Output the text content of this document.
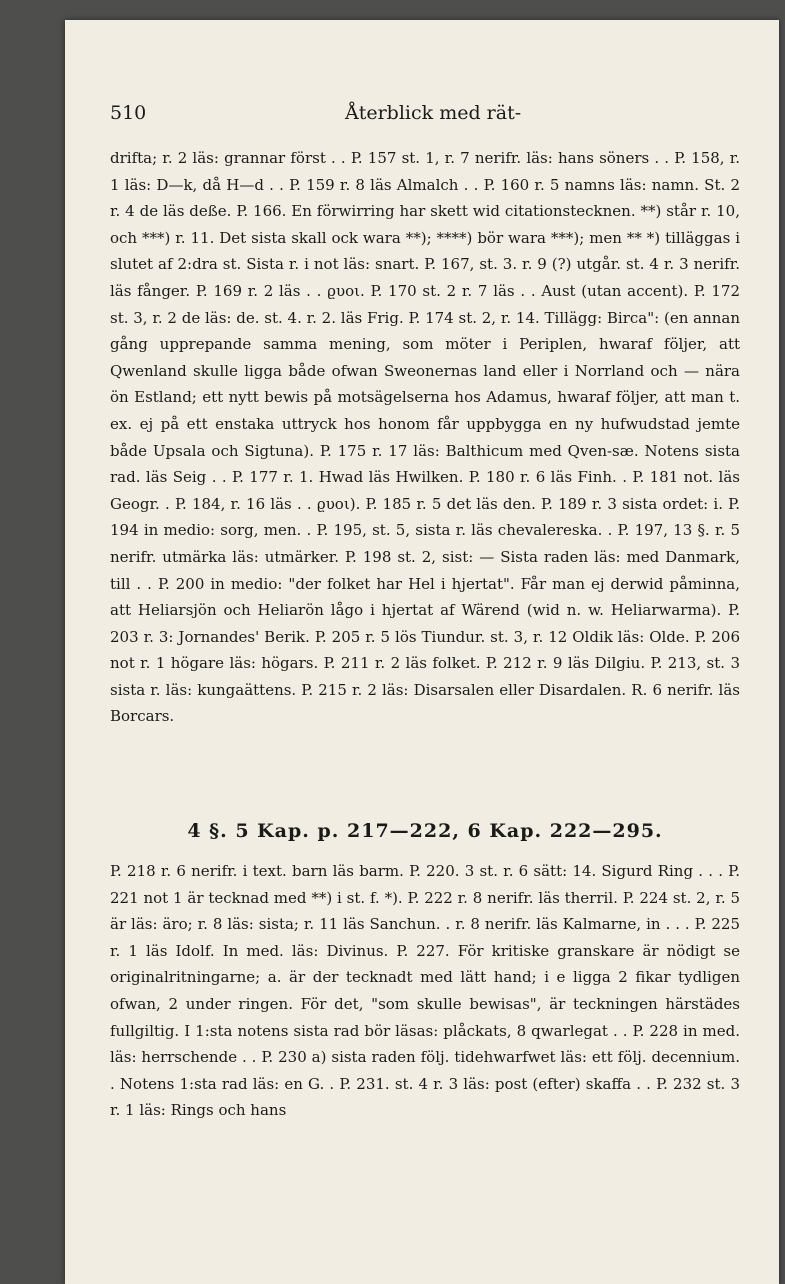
510	Återblick med rät-

drifta; r. 2 läs: grannar först . . P. 157 st. 1, r. 7 nerifr. läs: hans söners . . P. 158, r. 1 läs: D—k, då H—d . . P. 159 r. 8 läs Almalch . . P. 160 r. 5 namns läs: namn. St. 2 r. 4 de läs deße. P. 166. En förwirring har skett wid citationstecknen. **) står r. 10, och ***) r. 11. Det sista skall ock wara **); ****) bör wara ***); men ** *) tilläggas i slutet af 2:dra st. Sista r. i not läs: snart. P. 167, st. 3. r. 9 (?) utgår. st. 4 r. 3 nerifr. läs fånger. P. 169 r. 2 läs . . ϱυοι. P. 170 st. 2 r. 7 läs . . Aust (utan accent). P. 172 st. 3, r. 2 de läs: de. st. 4. r. 2. läs Frig. P. 174 st. 2, r. 14. Tillägg: Birca": (en annan gång upprepande samma mening, som möter i Periplen, hwaraf följer, att Qwenland skulle ligga både ofwan Sweonernas land eller i Norrland och — nära ön Estland; ett nytt bewis på motsägelserna hos Adamus, hwaraf följer, att man t. ex. ej på ett enstaka uttryck hos honom får uppbygga en ny hufwudstad jemte både Upsala och Sigtuna). P. 175 r. 17 läs: Balthicum med Qven-sæ. Notens sista rad. läs Seig . . P. 177 r. 1. Hwad läs Hwilken. P. 180 r. 6 läs Finh. . P. 181 not. läs Geogr. . P. 184, r. 16 läs . . ϱυοι). P. 185 r. 5 det läs den. P. 189 r. 3 sista ordet: i. P. 194 in medio: sorg, men. . P. 195, st. 5, sista r. läs chevalereska. . P. 197, 13 §. r. 5 nerifr. utmärka läs: utmärker. P. 198 st. 2, sist: — Sista raden läs: med Danmark, till . . P. 200 in medio: "der folket har Hel i hjertat". Får man ej derwid påminna, att Heliarsjön och Heliarön lågo i hjertat af Wärend (wid n. w. Heliarwarma). P. 203 r. 3: Jornandes' Berik. P. 205 r. 5 lös Tiundur. st. 3, r. 12 Oldik läs: Olde. P. 206 not r. 1 högare läs: högars. P. 211 r. 2 läs folket. P. 212 r. 9 läs Dilgiu. P. 213, st. 3 sista r. läs: kungaättens. P. 215 r. 2 läs: Disarsalen eller Disardalen. R. 6 nerifr. läs Borcars.

4 §. 5 Kap. p. 217—222, 6 Kap. 222—295.

P. 218 r. 6 nerifr. i text. barn läs barm. P. 220. 3 st. r. 6 sätt: 14. Sigurd Ring . . . P. 221 not 1 är tecknad med **) i st. f. *). P. 222 r. 8 nerifr. läs therril. P. 224 st. 2, r. 5 är läs: äro; r. 8 läs: sista; r. 11 läs Sanchun. . r. 8 nerifr. läs Kalmarne, in . . . P. 225 r. 1 läs Idolf. In med. läs: Divinus. P. 227. För kritiske granskare är nödigt se originalritningarne; a. är der tecknadt med lätt hand; i e ligga 2 fikar tydligen ofwan, 2 under ringen. För det, "som skulle bewisas", är teckningen härstädes fullgiltig. I 1:sta notens sista rad bör läsas: plåckats, 8 qwarlegat . . P. 228 in med. läs: herrschende . . P. 230 a) sista raden följ. tidehwarfwet läs: ett följ. decennium. . Notens 1:sta rad läs: en G. . P. 231. st. 4 r. 3 läs: post (efter) skaffa . . P. 232 st. 3 r. 1 läs: Rings och hans
